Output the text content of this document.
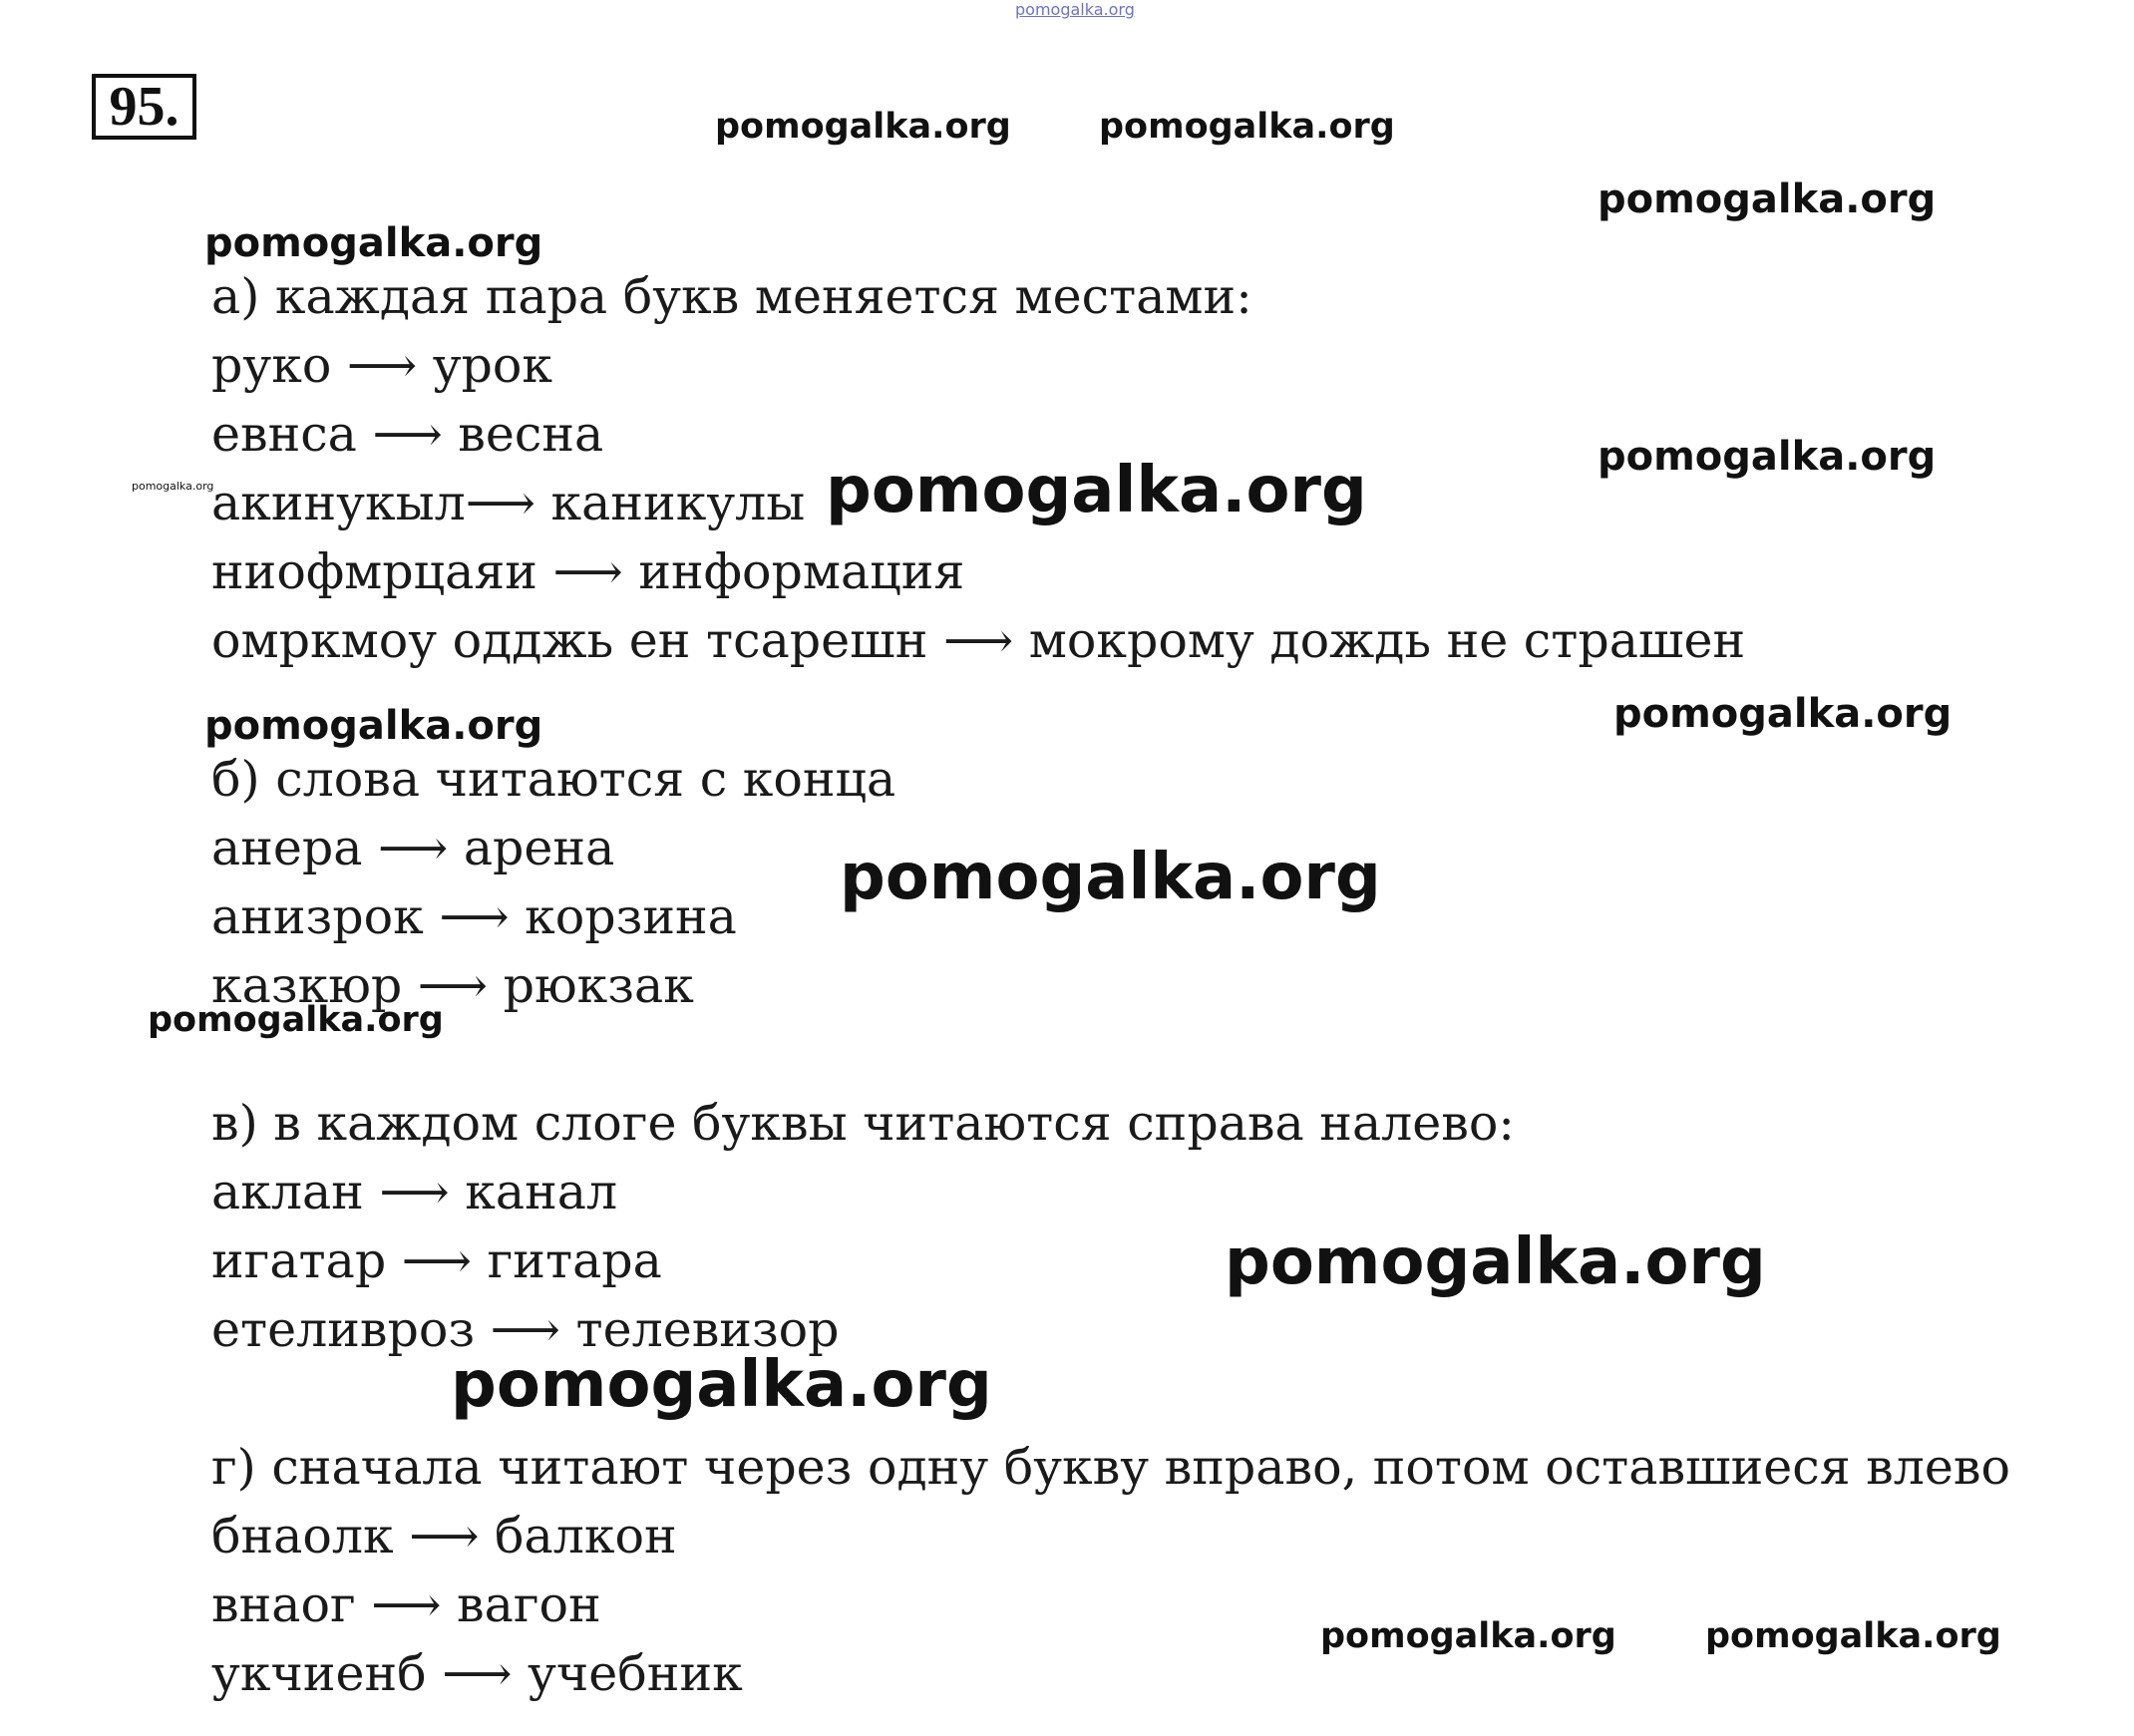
pomogalka.org
95.
а) каждая пара букв меняется местами:
руко ⟶ урок
евнса ⟶ весна
акинукыл⟶ каникулы
ниофмрцаяи ⟶ информация
омркмоу одджь ен тсарешн ⟶ мокрому дождь не страшен
б) слова читаются с конца
анера ⟶ арена
анизрок ⟶ корзина
казкюр ⟶ рюкзак
в) в каждом слоге буквы читаются справа налево:
аклан ⟶ канал
игатар ⟶ гитара
етеливроз ⟶ телевизор
г) сначала читают через одну букву вправо, потом оставшиеся влево
бнаолк ⟶ балкон
внаог ⟶ вагон
укчиенб ⟶ учебник
pomogalka.org	pomogalka.org
pomogalka.org
pomogalka.org
pomogalka.org
pomogalka.org	pomogalka.org
pomogalka.org	pomogalka.org
pomogalka.org
pomogalka.org
pomogalka.org
pomogalka.org
pomogalka.org	pomogalka.org
